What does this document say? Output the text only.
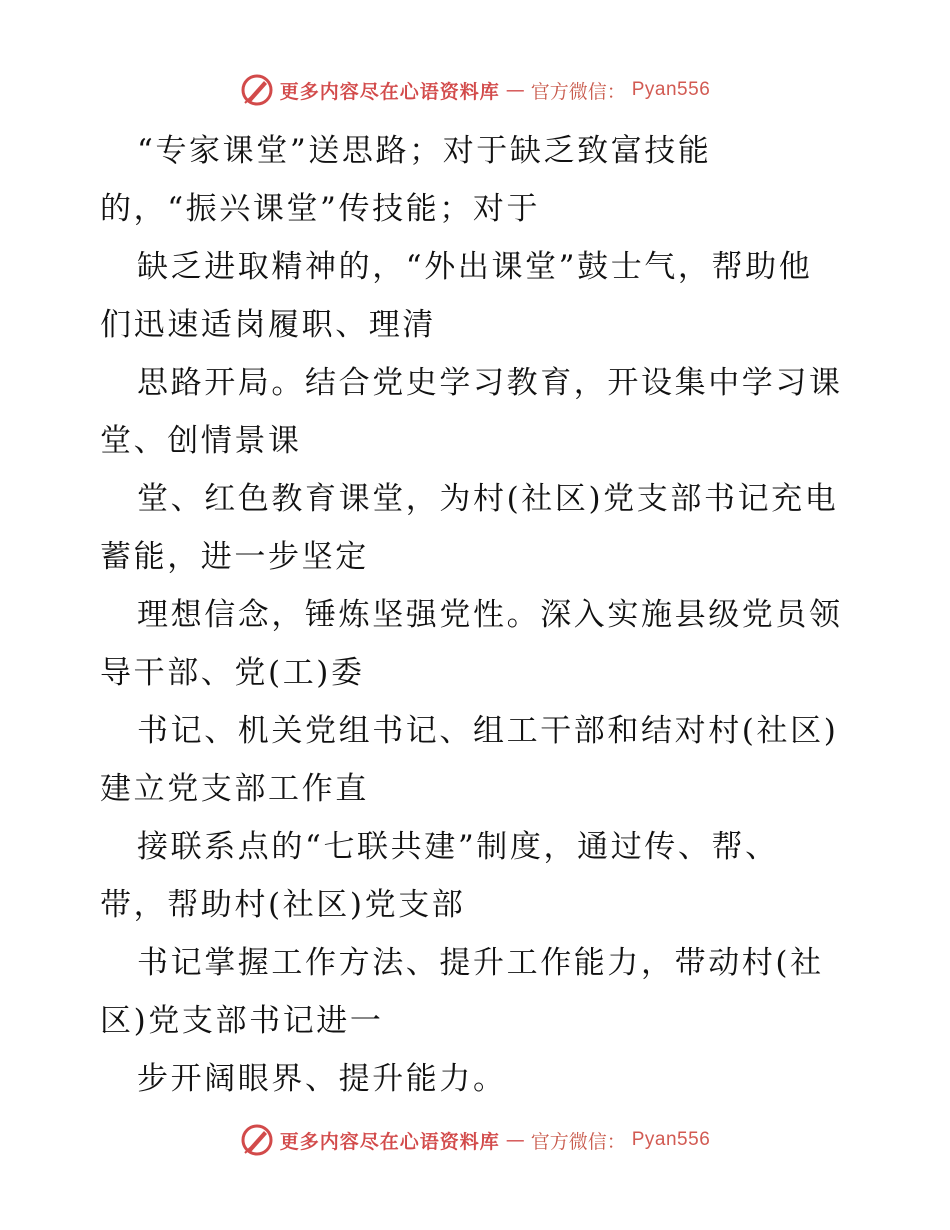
更多内容尽在心语资料库 — 官方微信： Pyan556
“专家课堂”送思路；对于缺乏致富技能
的，“振兴课堂”传技能；对于
缺乏进取精神的，“外出课堂”鼓士气，帮助他
们迅速适岗履职、理清
思路开局。结合党史学习教育，开设集中学习课
堂、创情景课
堂、红色教育课堂，为村(社区)党支部书记充电
蓄能，进一步坚定
理想信念，锤炼坚强党性。深入实施县级党员领
导干部、党(工)委
书记、机关党组书记、组工干部和结对村(社区)
建立党支部工作直
接联系点的“七联共建”制度，通过传、帮、
带，帮助村(社区)党支部
书记掌握工作方法、提升工作能力，带动村(社
区)党支部书记进一
步开阔眼界、提升能力。
更多内容尽在心语资料库 — 官方微信： Pyan556
